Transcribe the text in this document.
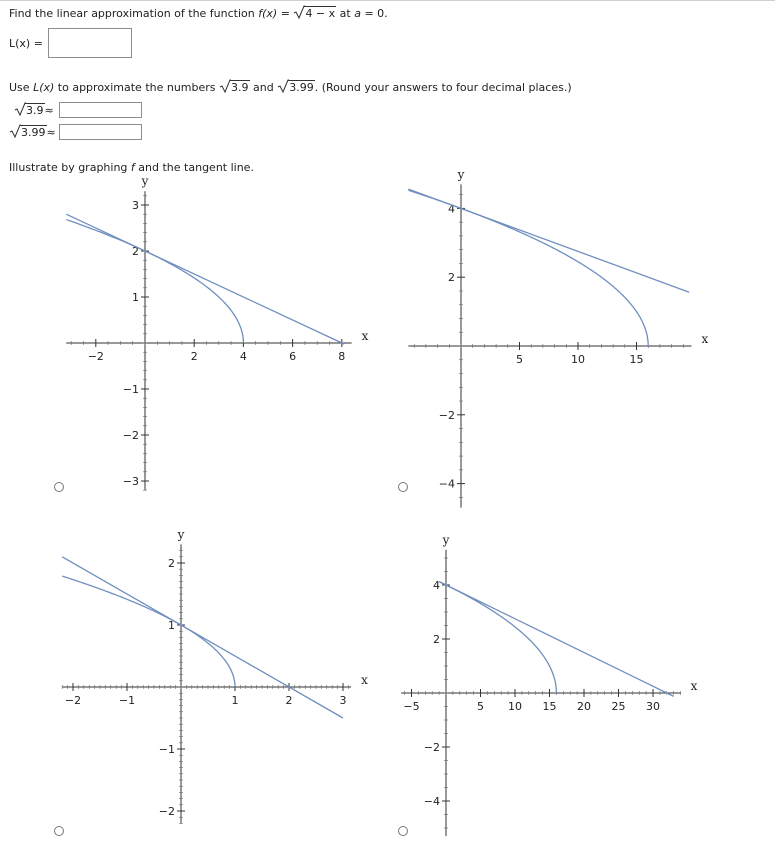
Find the linear approximation of the function f(x) = 4 − x at a = 0.
L(x) =
Use L(x) to approximate the numbers 3.9 and 3.99. (Round your answers to four decimal places.)
3.9≈
3.99≈
Illustrate by graphing f and the tangent line.
−2	2	4	6	8
3
2
1
−1
−2
−3
x
y
5	10	15
4
2
−2
−4
x
y
−2	−1	1	2	3
2
1
−1
−2
x
y
−5	5 10 15 20 25 30
4
2
−2
−4
x
y
